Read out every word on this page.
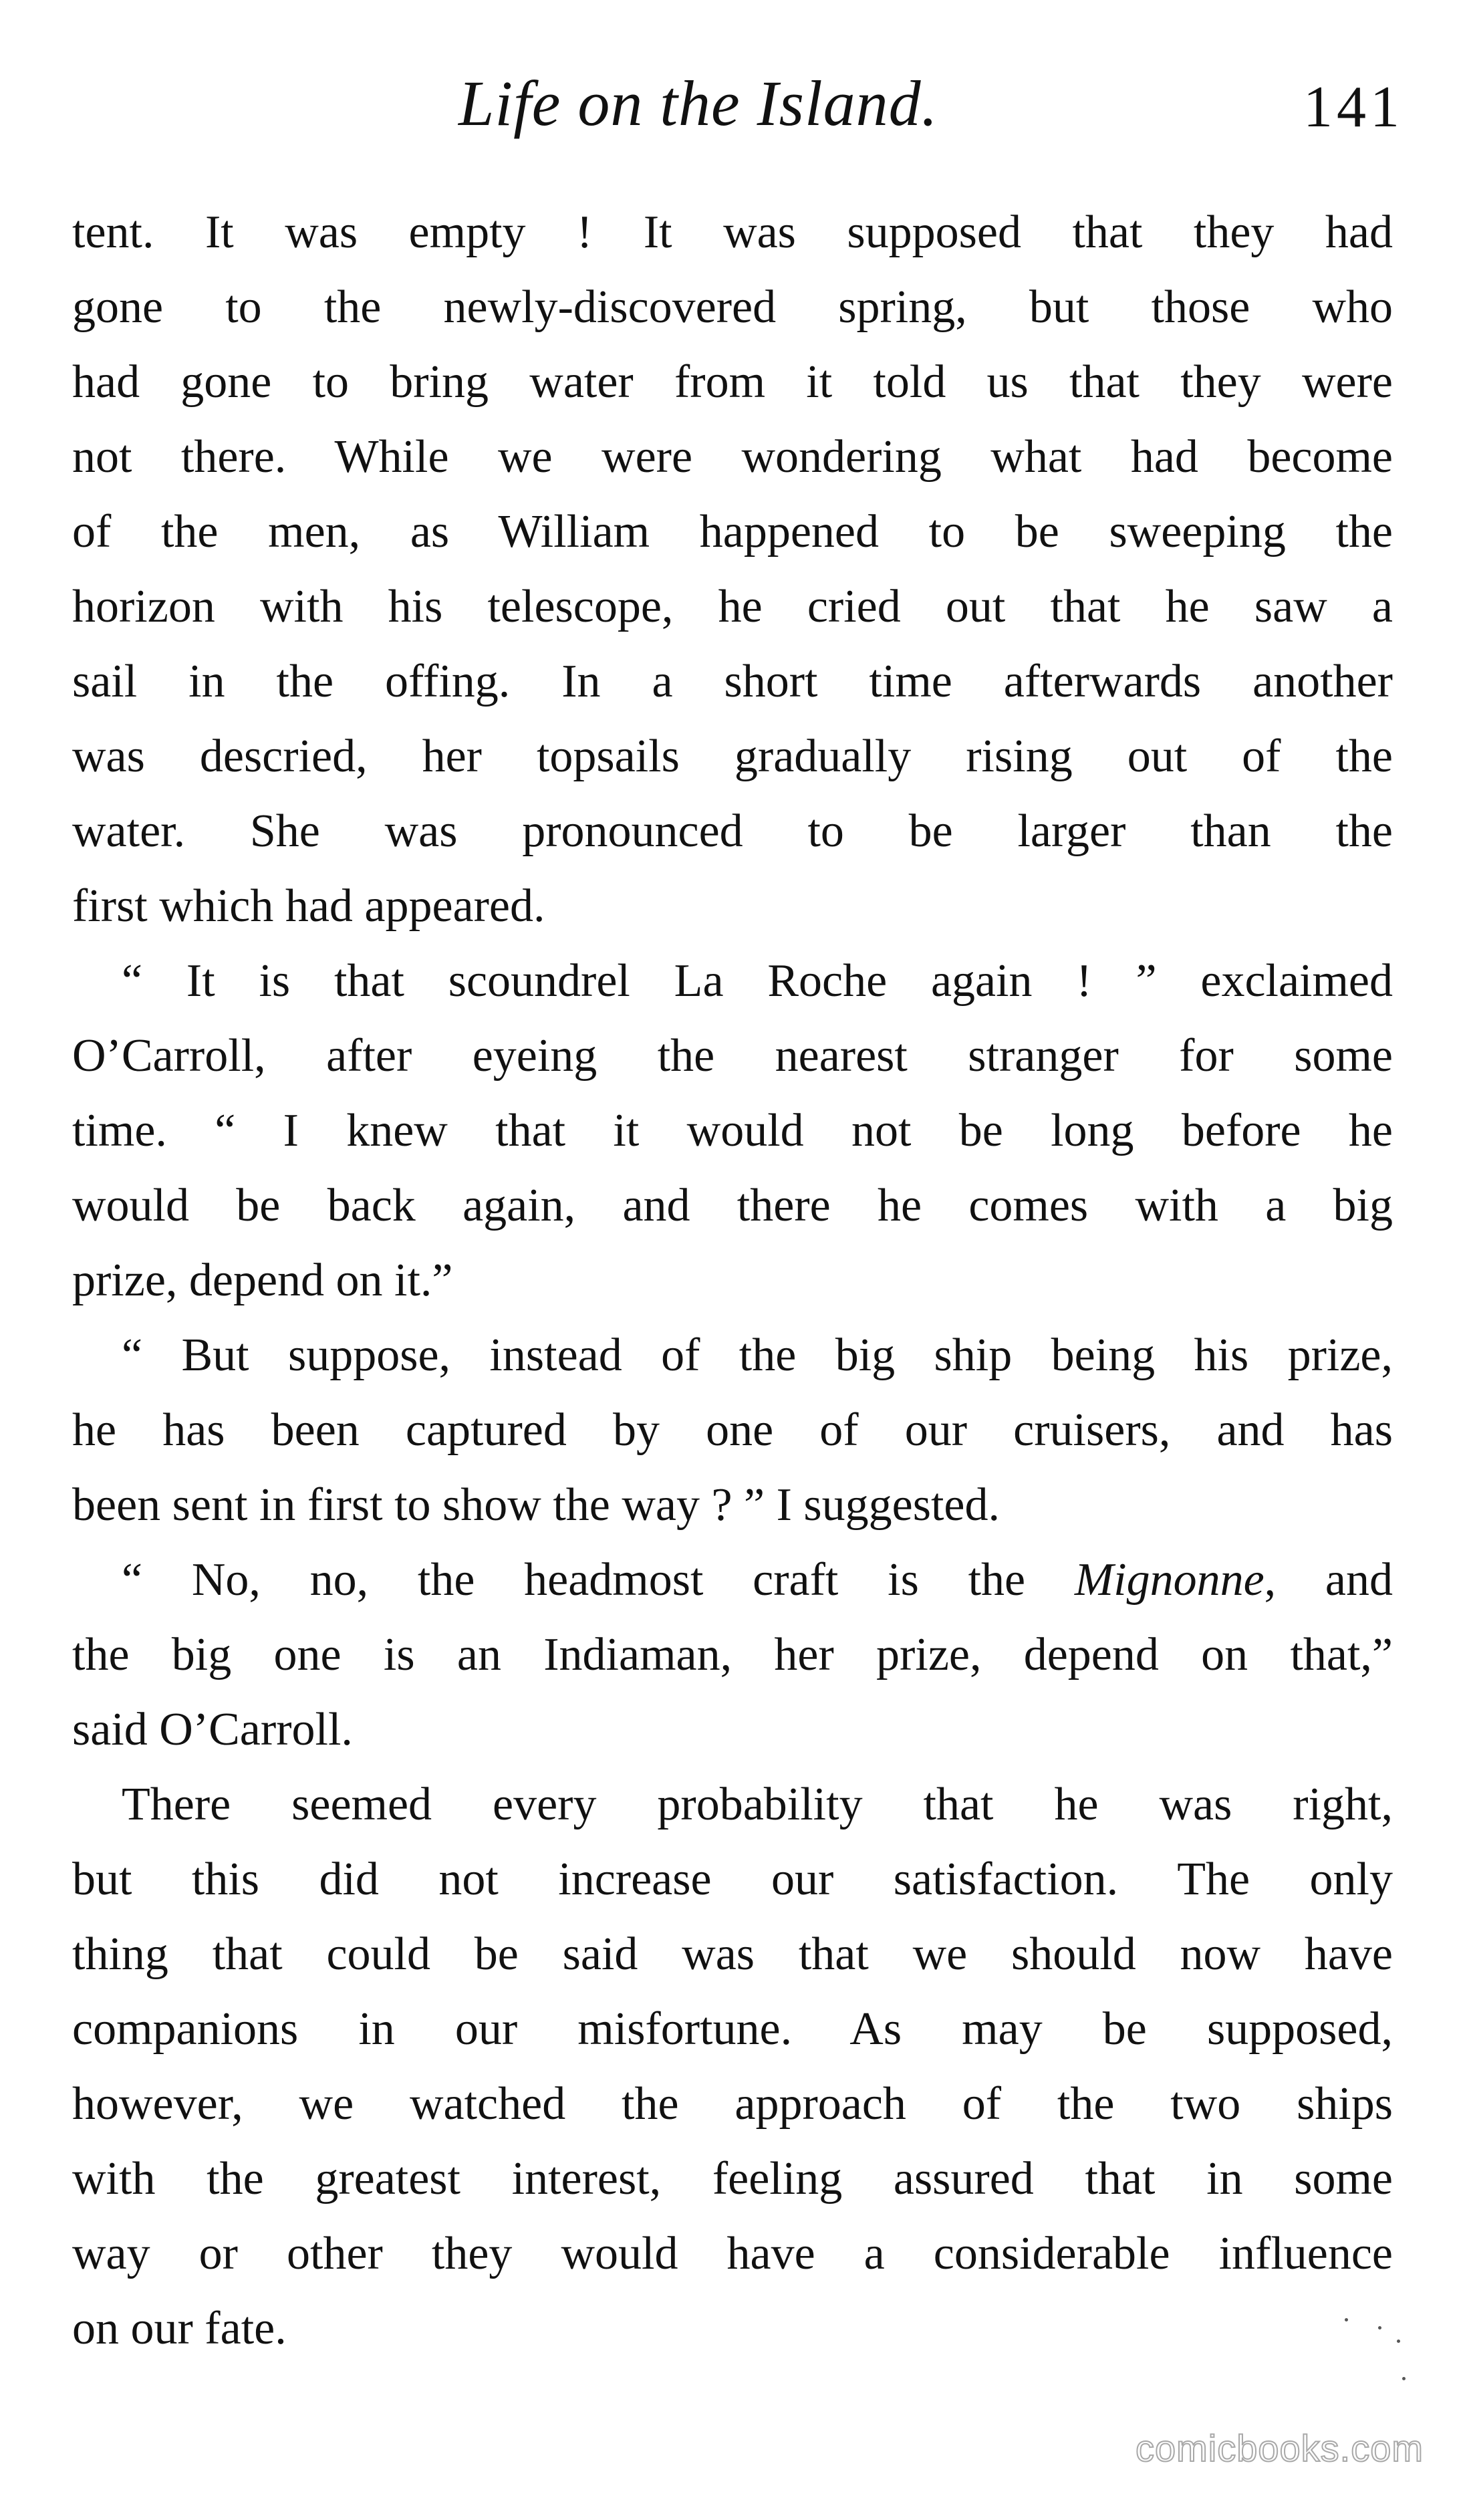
Life on the Island.	141
tent. It was empty ! It was supposed that they had
gone to the newly-discovered spring, but those who
had gone to bring water from it told us that they were
not there. While we were wondering what had become
of the men, as William happened to be sweeping the
horizon with his telescope, he cried out that he saw a
sail in the offing. In a short time afterwards another
was descried, her topsails gradually rising out of the
water. She was pronounced to be larger than the
first which had appeared.
“ It is that scoundrel La Roche again ! ” exclaimed
O’Carroll, after eyeing the nearest stranger for some
time. “ I knew that it would not be long before he
would be back again, and there he comes with a big
prize, depend on it.”
“ But suppose, instead of the big ship being his prize,
he has been captured by one of our cruisers, and has
been sent in first to show the way ? ” I suggested.
“ No, no, the headmost craft is the Mignonne, and
the big one is an Indiaman, her prize, depend on that,”
said O’Carroll.
There seemed every probability that he was right,
but this did not increase our satisfaction. The only
thing that could be said was that we should now have
companions in our misfortune. As may be supposed,
however, we watched the approach of the two ships
with the greatest interest, feeling assured that in some
way or other they would have a considerable influence
on our fate.
comicbooks.com
